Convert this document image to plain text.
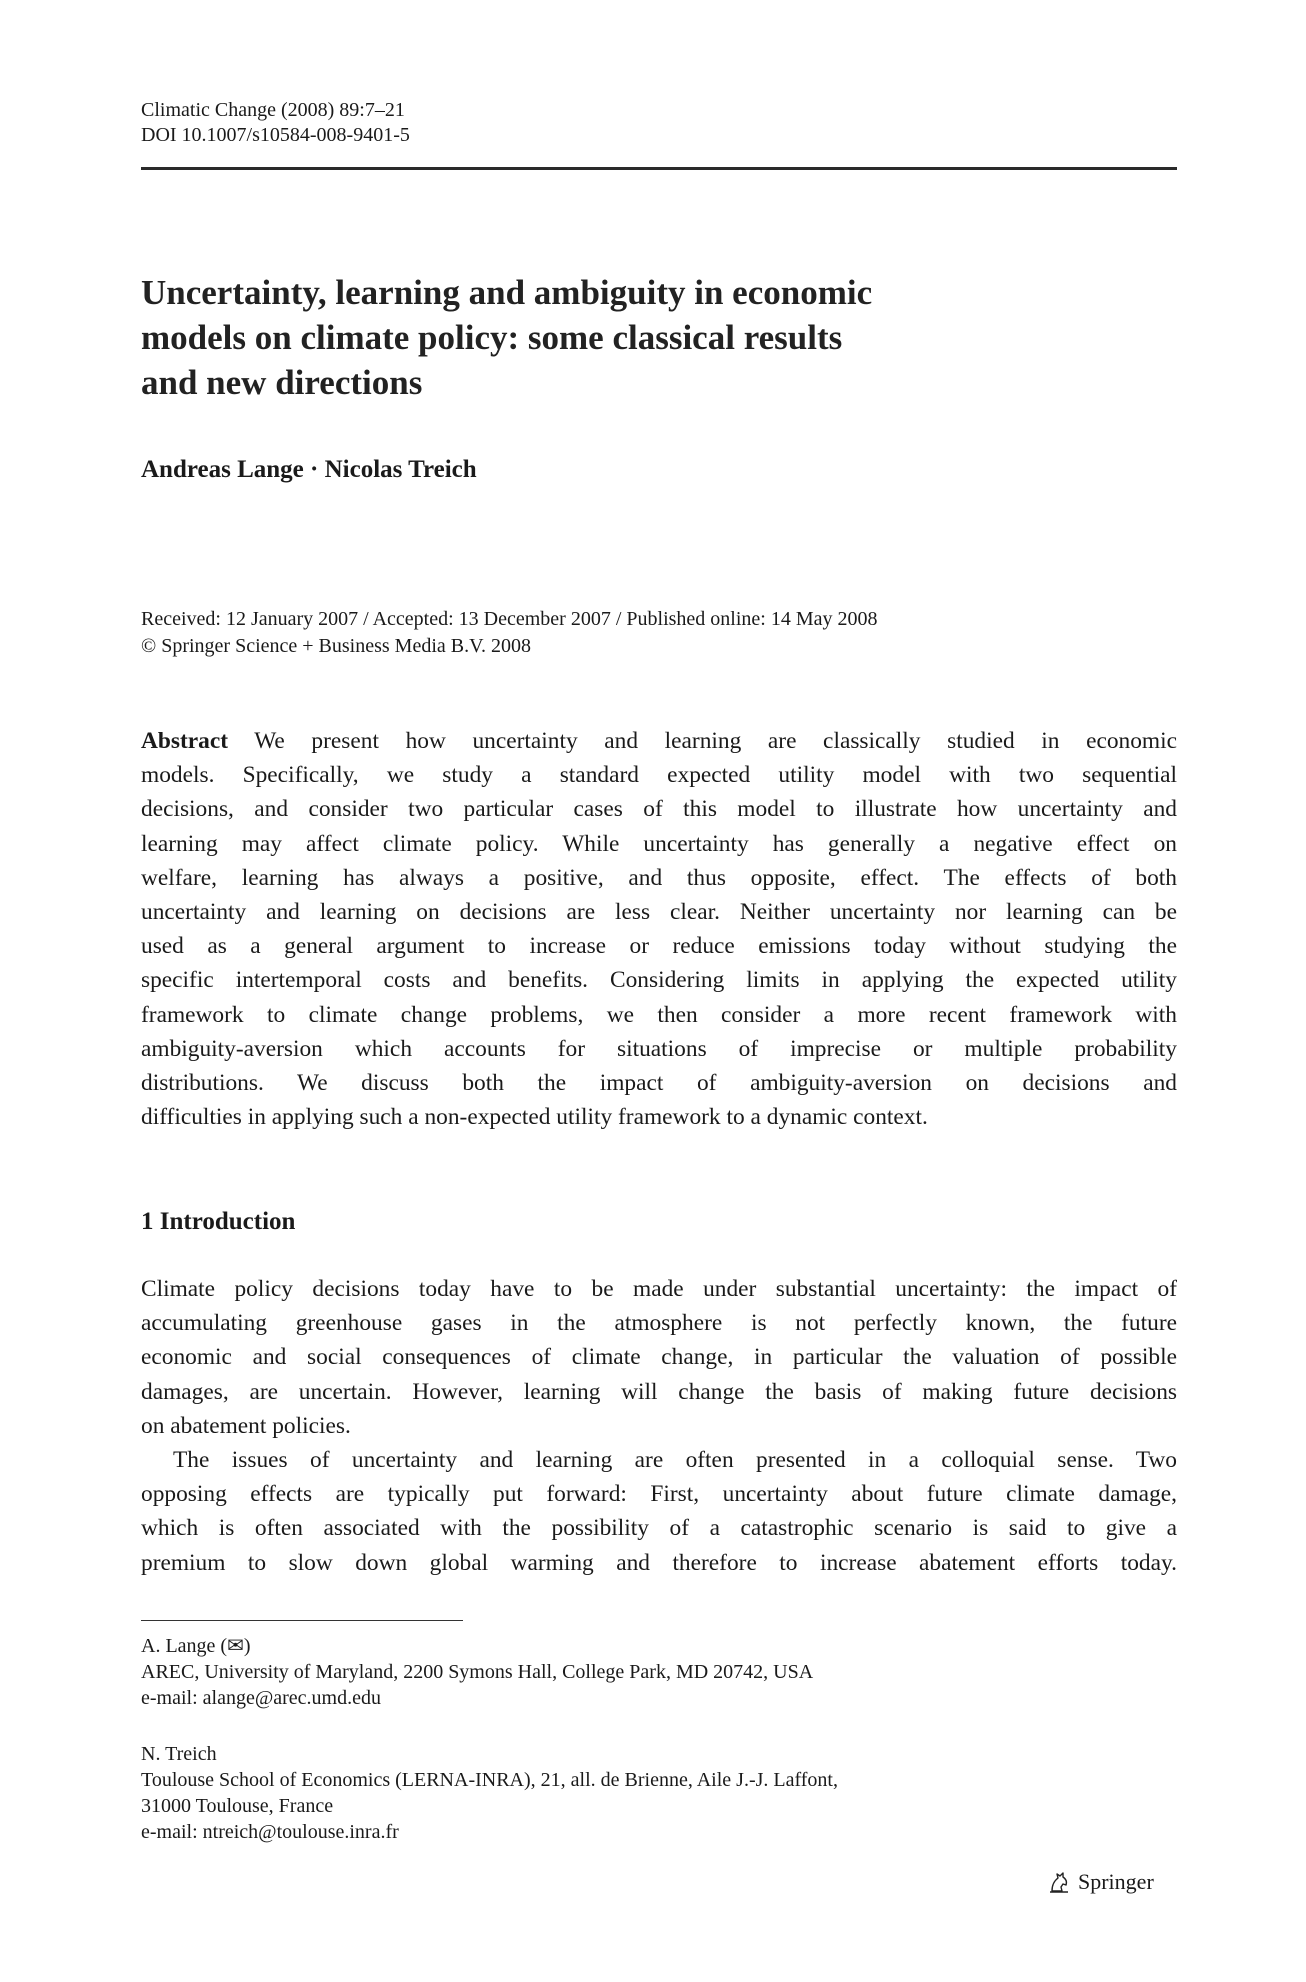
Climatic Change (2008) 89:7–21
DOI 10.1007/s10584-008-9401-5
Uncertainty, learning and ambiguity in economic
models on climate policy: some classical results
and new directions
Andreas Lange · Nicolas Treich
Received: 12 January 2007 / Accepted: 13 December 2007 / Published online: 14 May 2008
© Springer Science + Business Media B.V. 2008
Abstract We present how uncertainty and learning are classically studied in economic
models. Specifically, we study a standard expected utility model with two sequential
decisions, and consider two particular cases of this model to illustrate how uncertainty and
learning may affect climate policy. While uncertainty has generally a negative effect on
welfare, learning has always a positive, and thus opposite, effect. The effects of both
uncertainty and learning on decisions are less clear. Neither uncertainty nor learning can be
used as a general argument to increase or reduce emissions today without studying the
specific intertemporal costs and benefits. Considering limits in applying the expected utility
framework to climate change problems, we then consider a more recent framework with
ambiguity-aversion which accounts for situations of imprecise or multiple probability
distributions. We discuss both the impact of ambiguity-aversion on decisions and
difficulties in applying such a non-expected utility framework to a dynamic context.
1 Introduction
Climate policy decisions today have to be made under substantial uncertainty: the impact of
accumulating greenhouse gases in the atmosphere is not perfectly known, the future
economic and social consequences of climate change, in particular the valuation of possible
damages, are uncertain. However, learning will change the basis of making future decisions
on abatement policies.
The issues of uncertainty and learning are often presented in a colloquial sense. Two
opposing effects are typically put forward: First, uncertainty about future climate damage,
which is often associated with the possibility of a catastrophic scenario is said to give a
premium to slow down global warming and therefore to increase abatement efforts today.
A. Lange (✉)
AREC, University of Maryland, 2200 Symons Hall, College Park, MD 20742, USA
e-mail: alange@arec.umd.edu
N. Treich
Toulouse School of Economics (LERNA-INRA), 21, all. de Brienne, Aile J.-J. Laffont,
31000 Toulouse, France
e-mail: ntreich@toulouse.inra.fr
Springer
